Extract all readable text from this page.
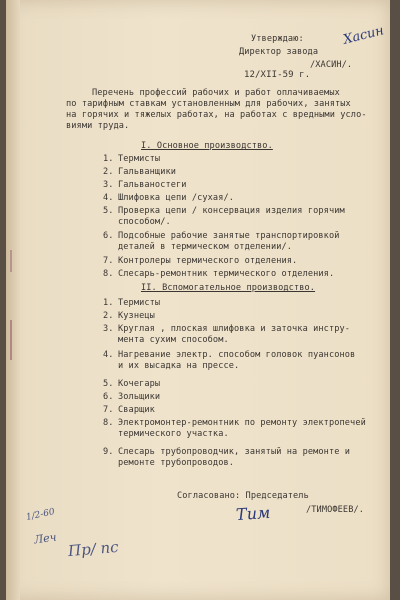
Утверждаю:
Директор завода
/ХАСИН/.
12/XII-59 г.
Перечень профессий рабочих и работ оплачиваемых
по тарифным ставкам установленным для рабочих, занятых
на горячих и тяжелых работах, на работах с вредными усло-
виями труда.
I. Основное производство.
1. Термисты
2. Гальванщики
3. Гальваностеги
4. Шлифовка цепи /сухая/.
5. Проверка цепи / консервация изделия горячим
способом/.
6. Подсобные рабочие занятые транспортировкой
деталей в термическом отделении/.
7. Контролеры термического отделения.
8. Слесарь-ремонтник термического отделения.
II. Вспомогательное производство.
1. Термисты
2. Кузнецы
3. Круглая , плоская шлифовка и заточка инстру-
мента сухим способом.
4. Нагревание электр. способом головок пуансонов
и их высадка на прессе.
5. Кочегары
6. Зольщики
7. Сварщик
8. Электромонтер-ремонтник по ремонту электропечей
термического участка.
9. Слесарь трубопроводчик, занятый на ремонте и
ремонте трубопроводов.
Согласовано: Председатель
/ТИМОФЕЕВ/.
Хасин
Тим
1/2-60
Леч Пр/ пс
